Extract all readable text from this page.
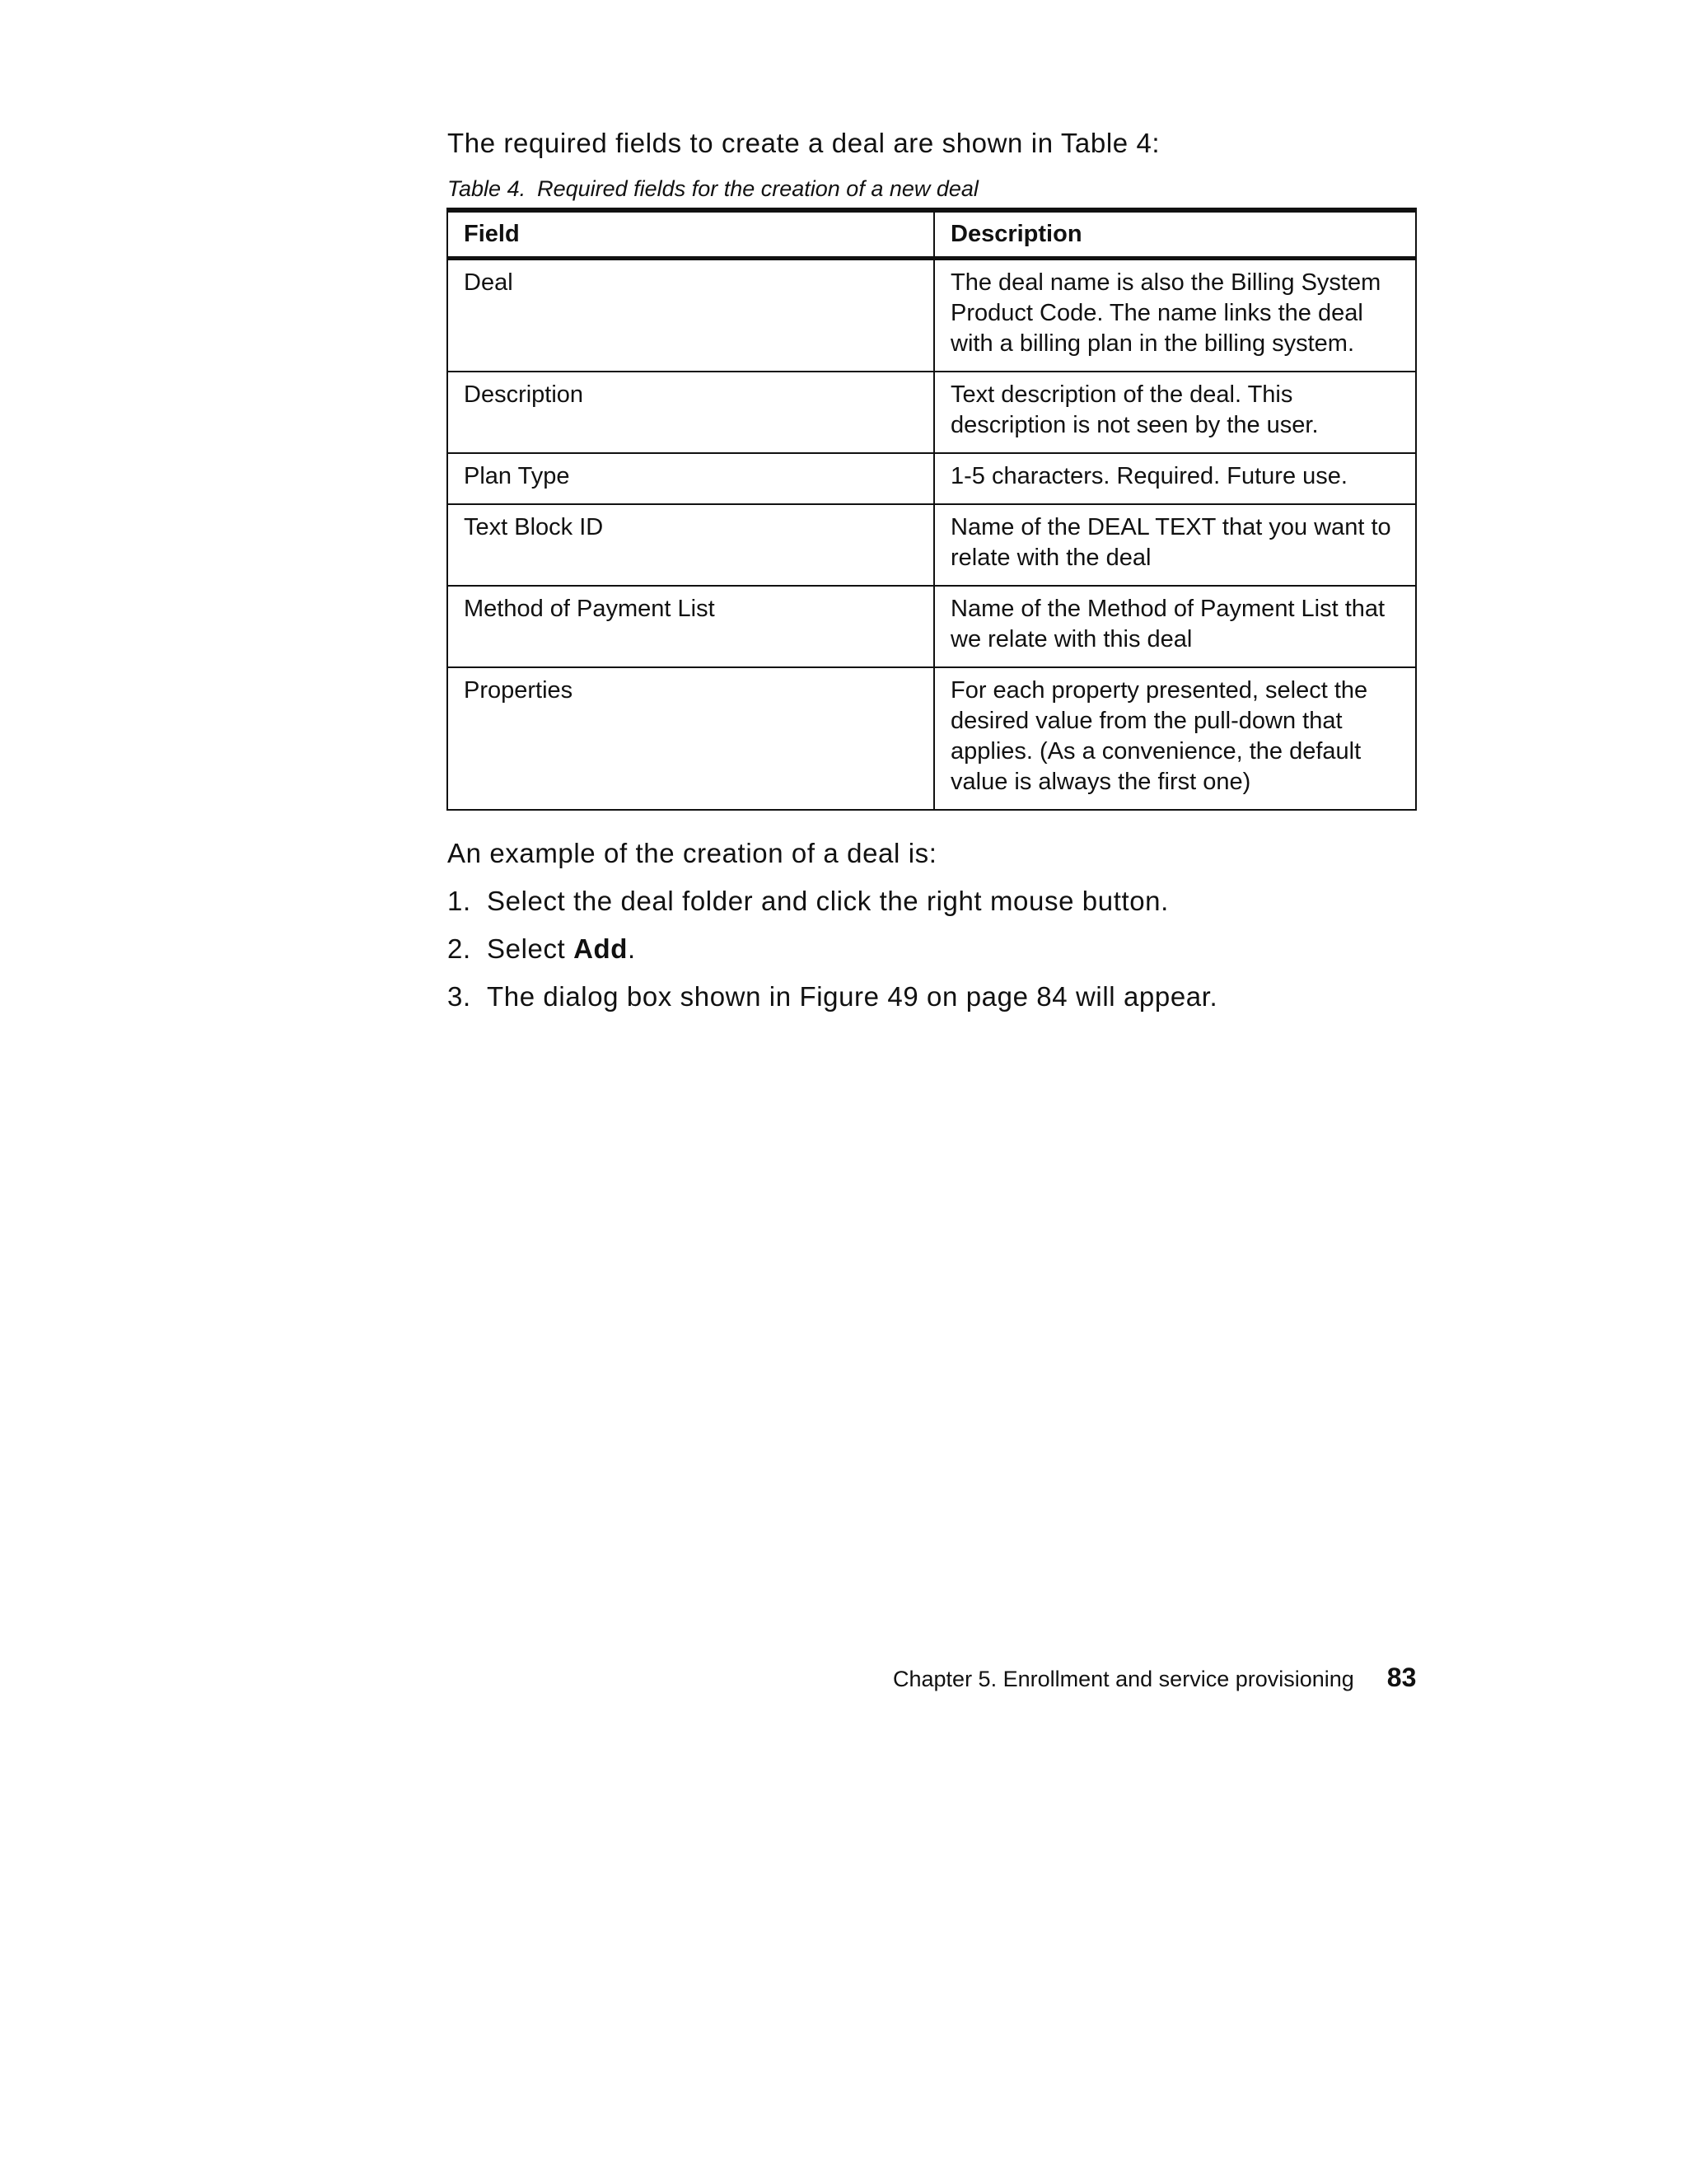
The required fields to create a deal are shown in Table 4:

Table 4. Required fields for the creation of a new deal

Field	Description
Deal	The deal name is also the Billing System Product Code. The name links the deal with a billing plan in the billing system.
Description	Text description of the deal. This description is not seen by the user.
Plan Type	1-5 characters. Required. Future use.
Text Block ID	Name of the DEAL TEXT that you want to relate with the deal
Method of Payment List	Name of the Method of Payment List that we relate with this deal
Properties	For each property presented, select the desired value from the pull-down that applies. (As a convenience, the default value is always the first one)

An example of the creation of a deal is:

1. Select the deal folder and click the right mouse button.
2. Select Add.
3. The dialog box shown in Figure 49 on page 84 will appear.
Chapter 5. Enrollment and service provisioning 83
